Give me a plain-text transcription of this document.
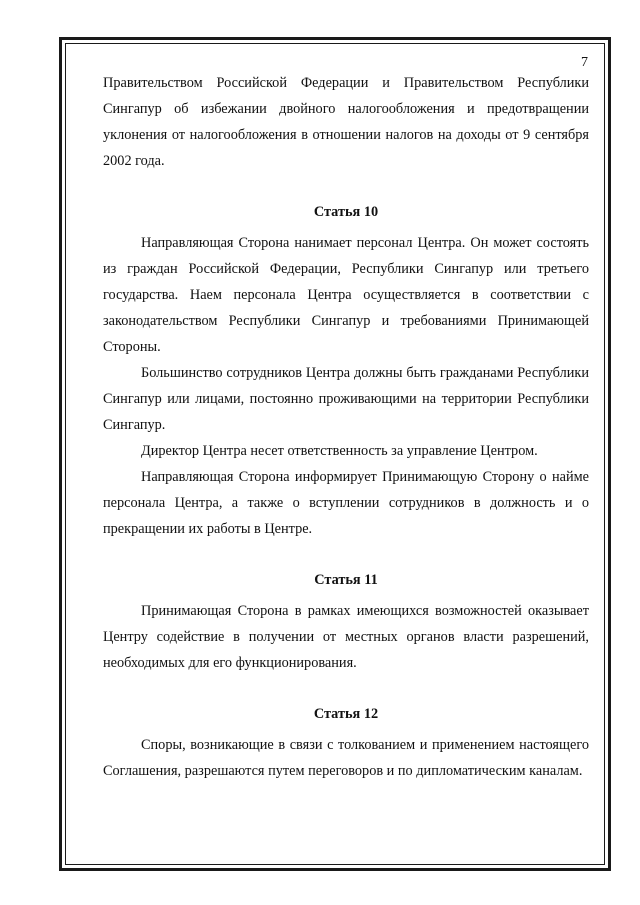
7

Правительством Российской Федерации и Правительством Республики Сингапур об избежании двойного налогообложения и предотвращении уклонения от налогообложения в отношении налогов на доходы от 9 сентября 2002 года.

Статья 10

Направляющая Сторона нанимает персонал Центра. Он может состоять из граждан Российской Федерации, Республики Сингапур или третьего государства. Наем персонала Центра осуществляется в соответствии с законодательством Республики Сингапур и требованиями Принимающей Стороны.

Большинство сотрудников Центра должны быть гражданами Республики Сингапур или лицами, постоянно проживающими на территории Республики Сингапур.

Директор Центра несет ответственность за управление Центром.

Направляющая Сторона информирует Принимающую Сторону о найме персонала Центра, а также о вступлении сотрудников в должность и о прекращении их работы в Центре.

Статья 11

Принимающая Сторона в рамках имеющихся возможностей оказывает Центру содействие в получении от местных органов власти разрешений, необходимых для его функционирования.

Статья 12

Споры, возникающие в связи с толкованием и применением настоящего Соглашения, разрешаются путем переговоров и по дипломатическим каналам.
